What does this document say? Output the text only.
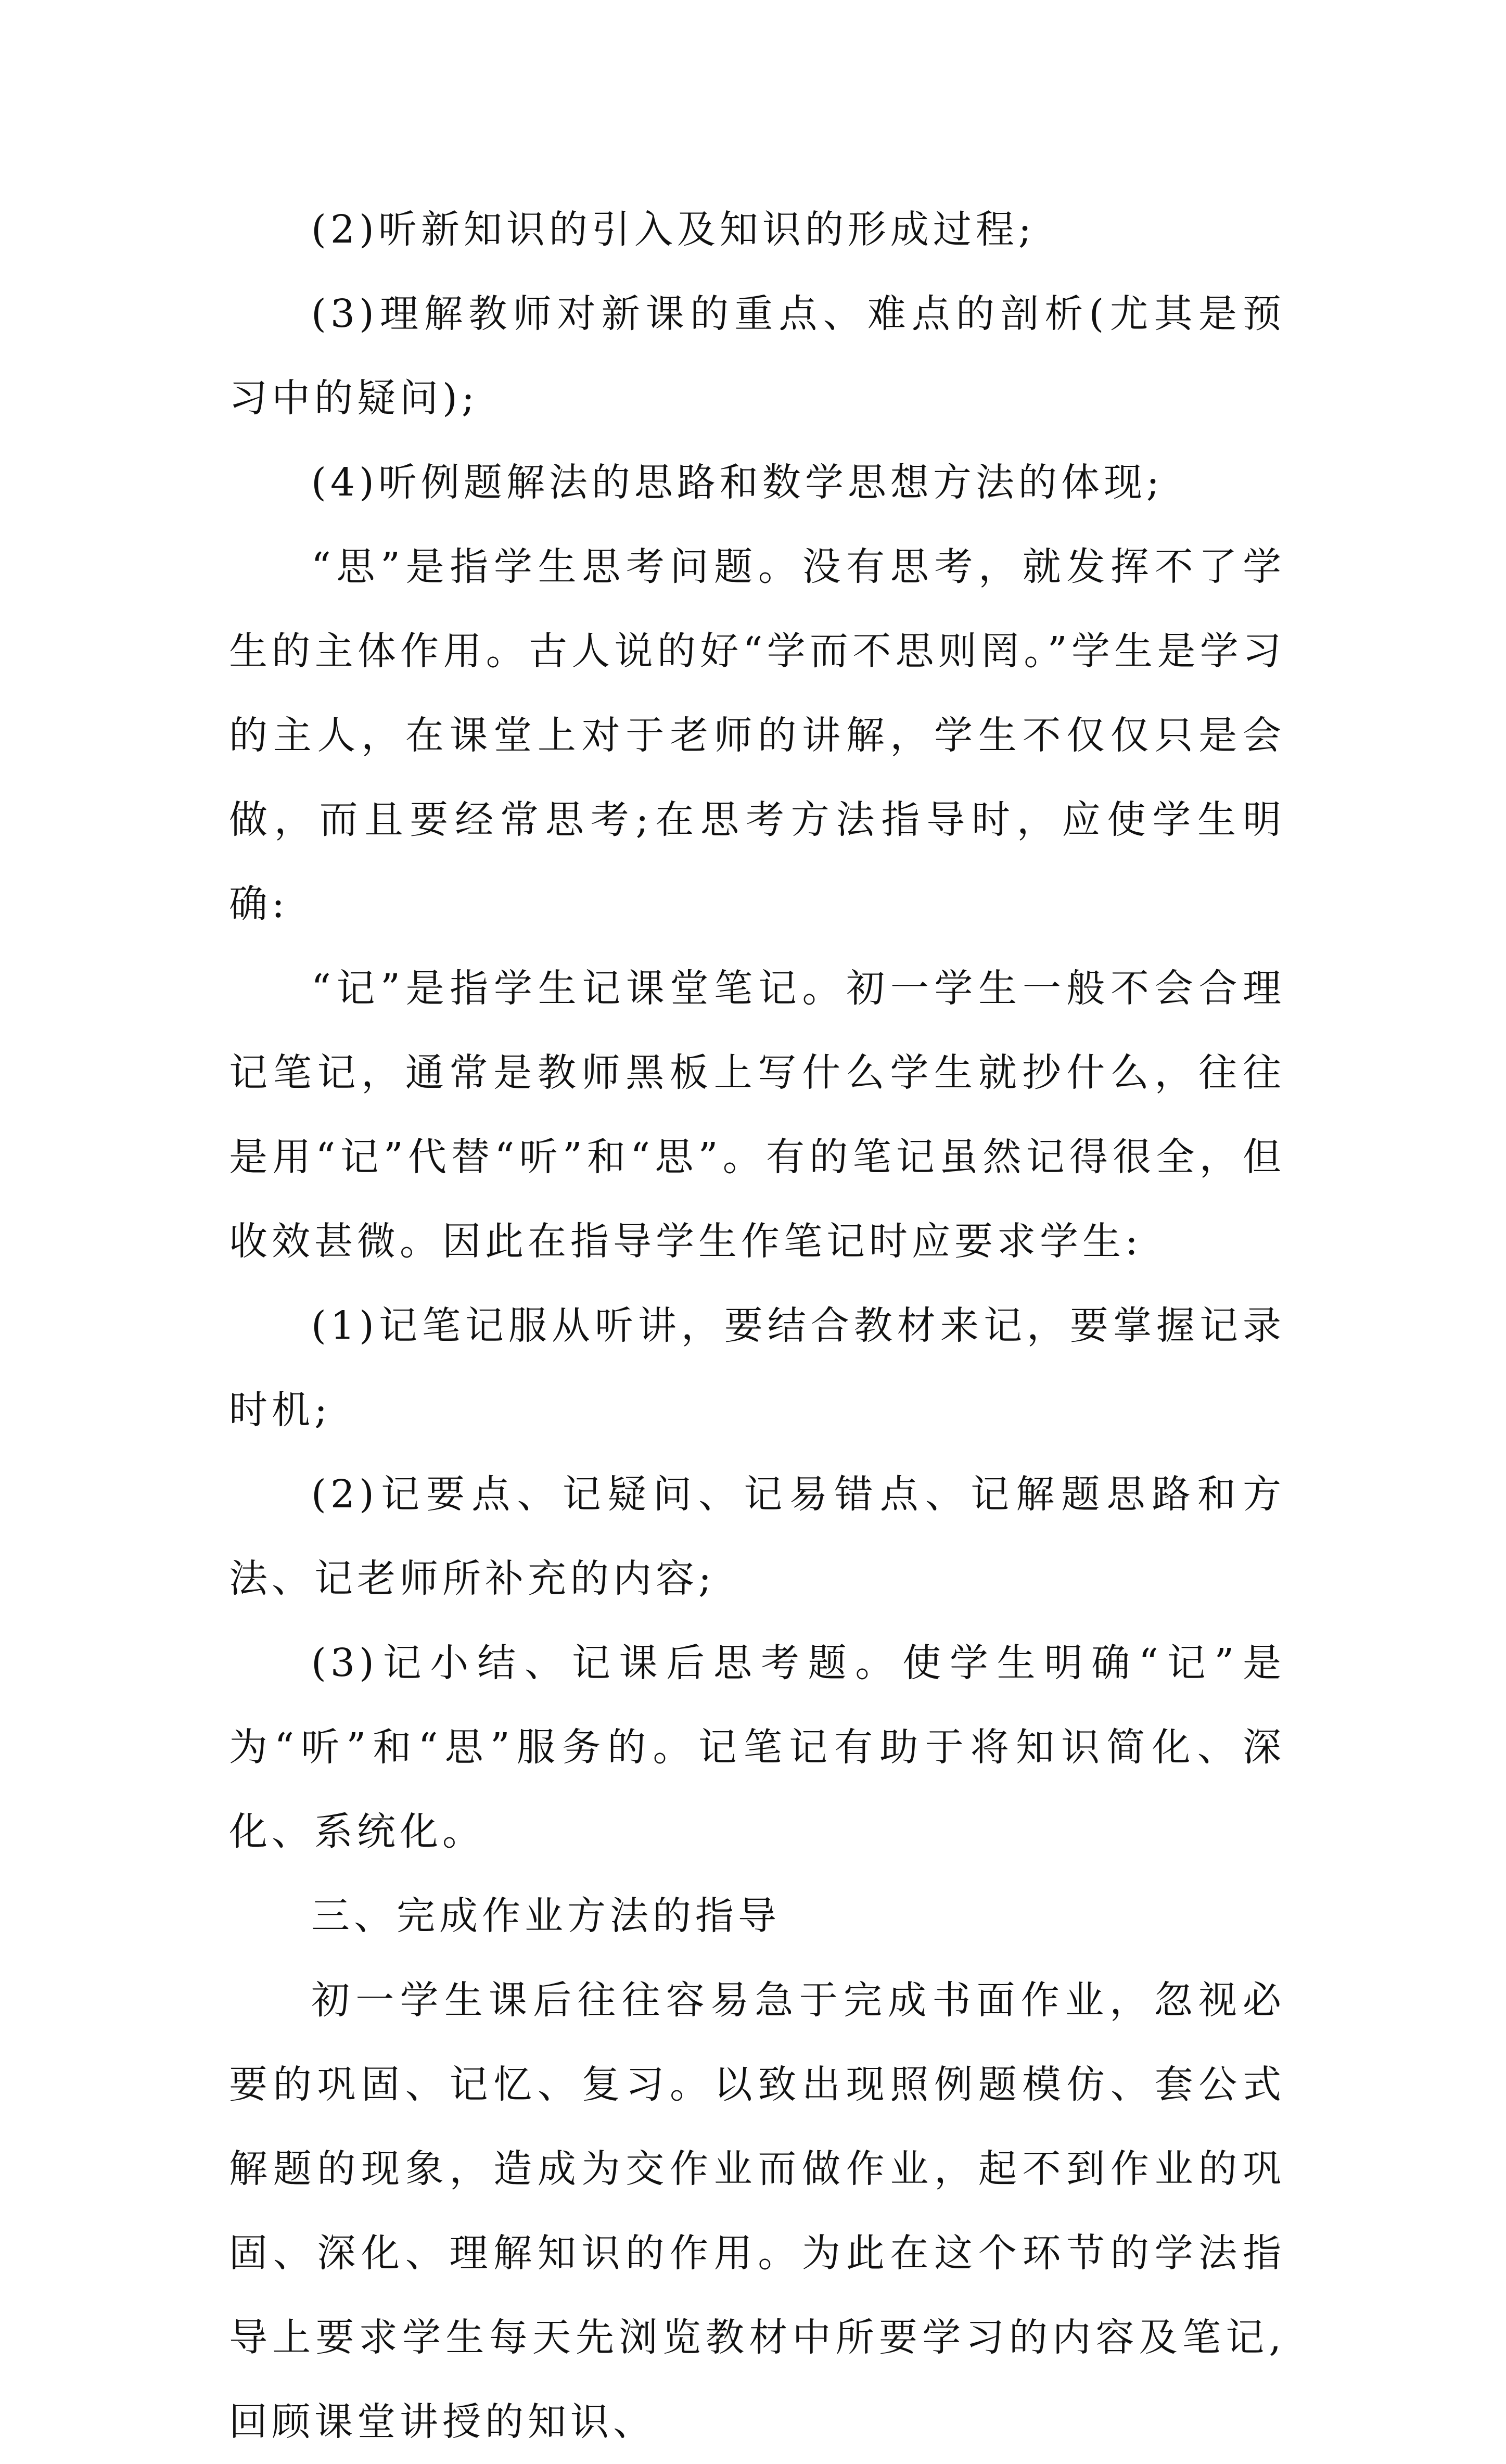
(2)听新知识的引入及知识的形成过程;

(3)理解教师对新课的重点、难点的剖析(尤其是预习中的疑问);

(4)听例题解法的思路和数学思想方法的体现;

“思”是指学生思考问题。没有思考，就发挥不了学生的主体作用。古人说的好“学而不思则罔。”学生是学习的主人，在课堂上对于老师的讲解，学生不仅仅只是会做，而且要经常思考;在思考方法指导时，应使学生明确:

“记”是指学生记课堂笔记。初一学生一般不会合理记笔记，通常是教师黑板上写什么学生就抄什么，往往是用“记”代替“听”和“思”。有的笔记虽然记得很全，但收效甚微。因此在指导学生作笔记时应要求学生:

(1)记笔记服从听讲，要结合教材来记，要掌握记录时机;

(2)记要点、记疑问、记易错点、记解题思路和方法、记老师所补充的内容;

(3)记小结、记课后思考题。使学生明确“记”是为“听”和“思”服务的。记笔记有助于将知识简化、深化、系统化。

三、完成作业方法的指导

初一学生课后往往容易急于完成书面作业，忽视必要的巩固、记忆、复习。以致出现照例题模仿、套公式解题的现象，造成为交作业而做作业，起不到作业的巩固、深化、理解知识的作用。为此在这个环节的学法指导上要求学生每天先浏览教材中所要学习的内容及笔记,回顾课堂讲授的知识、
